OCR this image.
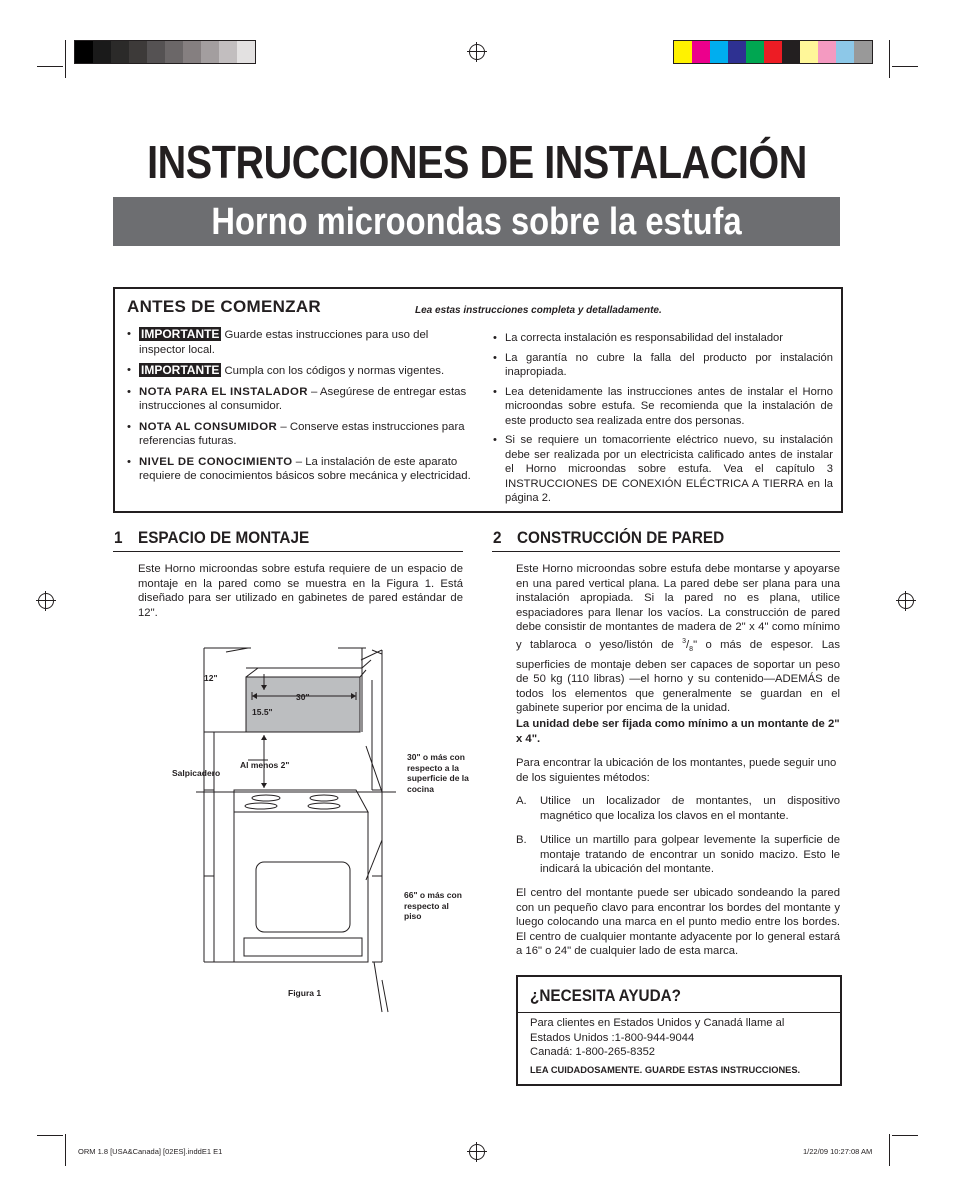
INSTRUCCIONES DE INSTALACIÓN
Horno microondas sobre la estufa
ANTES DE COMENZAR	Lea estas instrucciones completa y detalladamente.
• IMPORTANTE Guarde estas instrucciones para uso del inspector local.
• IMPORTANTE Cumpla con los códigos y normas vigentes.
• NOTA PARA EL INSTALADOR – Asegúrese de entregar estas instrucciones al consumidor.
• NOTA AL CONSUMIDOR – Conserve estas instrucciones para referencias futuras.
• NIVEL DE CONOCIMIENTO – La instalación de este aparato requiere de conocimientos básicos sobre mecánica y electricidad.
• La correcta instalación es responsabilidad del instalador
• La garantía no cubre la falla del producto por instalación inapropiada.
• Lea detenidamente las instrucciones antes de instalar el Horno microondas sobre estufa. Se recomienda que la instalación de este producto sea realizada entre dos personas.
• Si se requiere un tomacorriente eléctrico nuevo, su instalación debe ser realizada por un electricista calificado antes de instalar el Horno microondas sobre estufa. Vea el capítulo 3 INSTRUCCIONES DE CONEXIÓN ELÉCTRICA A TIERRA en la página 2.
1 ESPACIO DE MONTAJE
Este Horno microondas sobre estufa requiere de un espacio de montaje en la pared como se muestra en la Figura 1. Está diseñado para ser utilizado en gabinetes de pared estándar de 12".
12"
30"
15.5"
Al menos 2"
Salpicadero
30" o más con respecto a la superficie de la cocina
66" o más con respecto al piso
Figura 1
2 CONSTRUCCIÓN DE PARED
Este Horno microondas sobre estufa debe montarse y apoyarse en una pared vertical plana. La pared debe ser plana para una instalación apropiada. Si la pared no es plana, utilice espaciadores para llenar los vacíos. La construcción de pared debe consistir de montantes de madera de 2" x 4" como mínimo y tablaroca o yeso/listón de $^3/_8$" o más de espesor. Las superficies de montaje deben ser capaces de soportar un peso de 50 kg (110 libras) —el horno y su contenido—ADEMÁS de todos los elementos que generalmente se guardan en el gabinete superior por encima de la unidad.
La unidad debe ser fijada como mínimo a un montante de 2" x 4".
Para encontrar la ubicación de los montantes, puede seguir uno de los siguientes métodos:
A. Utilice un localizador de montantes, un dispositivo magnético que localiza los clavos en el montante.
B. Utilice un martillo para golpear levemente la superficie de montaje tratando de encontrar un sonido macizo. Esto le indicará la ubicación del montante.
El centro del montante puede ser ubicado sondeando la pared con un pequeño clavo para encontrar los bordes del montante y luego colocando una marca en el punto medio entre los bordes. El centro de cualquier montante adyacente por lo general estará a 16" o 24" de cualquier lado de esta marca.
¿NECESITA AYUDA?
Para clientes en Estados Unidos y Canadá llame al
Estados Unidos :1-800-944-9044
Canadá: 1-800-265-8352
LEA CUIDADOSAMENTE. GUARDE ESTAS INSTRUCCIONES.
ORM 1.8 [USA&Canada] [02ES].inddE1 E1	1/22/09 10:27:08 AM
